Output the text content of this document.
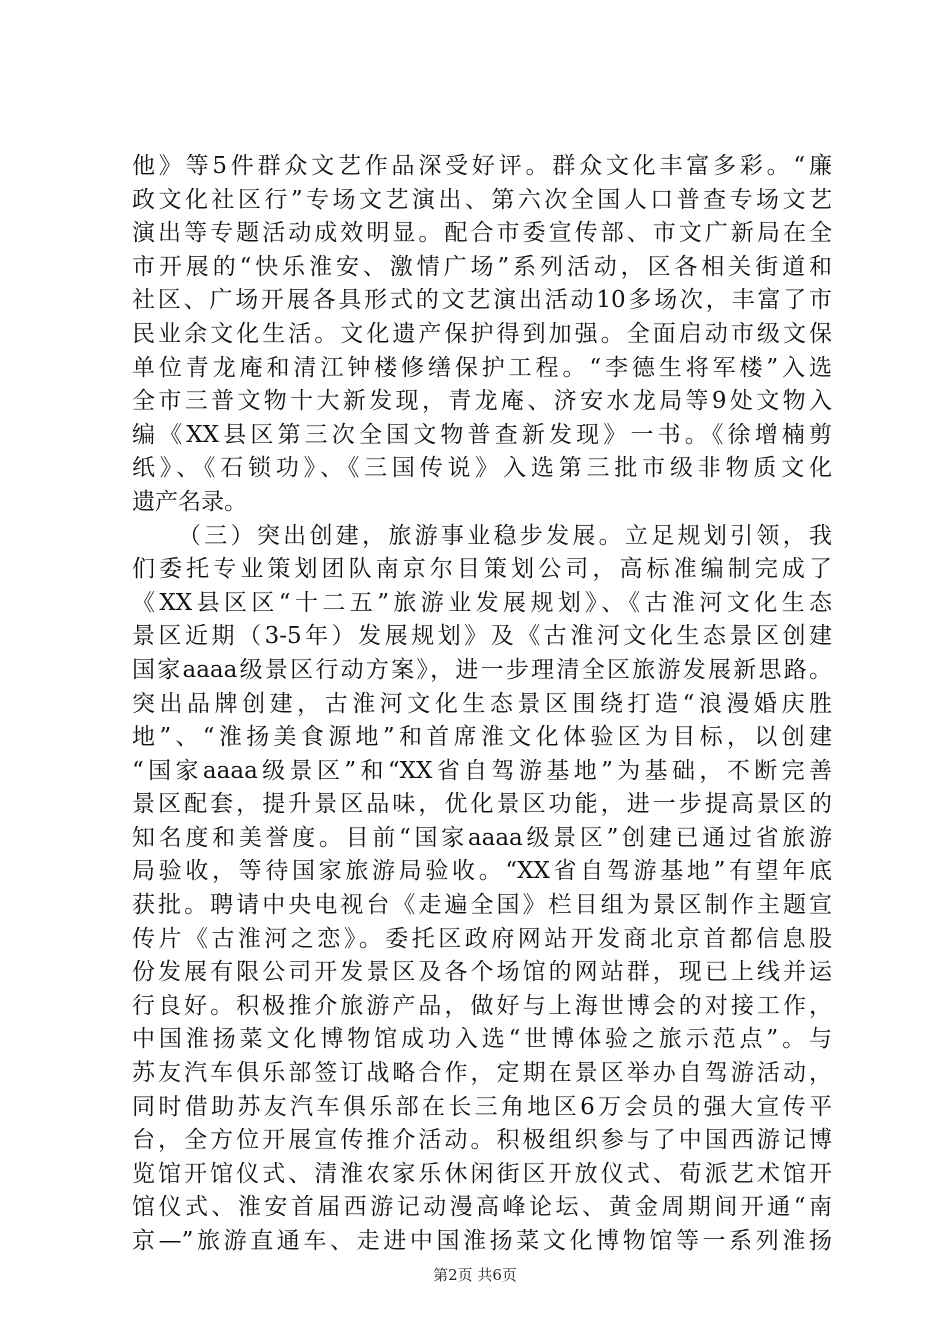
他》等5件群众文艺作品深受好评。群众文化丰富多彩。“廉
政文化社区行”专场文艺演出、第六次全国人口普查专场文艺
演出等专题活动成效明显。配合市委宣传部、市文广新局在全
市开展的“快乐淮安、激情广场”系列活动，区各相关街道和
社区、广场开展各具形式的文艺演出活动10多场次，丰富了市
民业余文化生活。文化遗产保护得到加强。全面启动市级文保
单位青龙庵和清江钟楼修缮保护工程。“李德生将军楼”入选
全市三普文物十大新发现，青龙庵、济安水龙局等9处文物入
编《XX县区第三次全国文物普查新发现》一书。《徐增楠剪
纸》、《石锁功》、《三国传说》入选第三批市级非物质文化
遗产名录。
（三）突出创建，旅游事业稳步发展。立足规划引领，我
们委托专业策划团队南京尔目策划公司，高标准编制完成了
《XX县区区“十二五”旅游业发展规划》、《古淮河文化生态
景区近期（3-5年）发展规划》及《古淮河文化生态景区创建
国家aaaa级景区行动方案》，进一步理清全区旅游发展新思路。
突出品牌创建，古淮河文化生态景区围绕打造“浪漫婚庆胜
地”、“淮扬美食源地”和首席淮文化体验区为目标，以创建
“国家aaaa级景区”和“XX省自驾游基地”为基础，不断完善
景区配套，提升景区品味，优化景区功能，进一步提高景区的
知名度和美誉度。目前“国家aaaa级景区”创建已通过省旅游
局验收，等待国家旅游局验收。“XX省自驾游基地”有望年底
获批。聘请中央电视台《走遍全国》栏目组为景区制作主题宣
传片《古淮河之恋》。委托区政府网站开发商北京首都信息股
份发展有限公司开发景区及各个场馆的网站群，现已上线并运
行良好。积极推介旅游产品，做好与上海世博会的对接工作，
中国淮扬菜文化博物馆成功入选“世博体验之旅示范点”。与
苏友汽车俱乐部签订战略合作，定期在景区举办自驾游活动，
同时借助苏友汽车俱乐部在长三角地区6万会员的强大宣传平
台，全方位开展宣传推介活动。积极组织参与了中国西游记博
览馆开馆仪式、清淮农家乐休闲街区开放仪式、荀派艺术馆开
馆仪式、淮安首届西游记动漫高峰论坛、黄金周期间开通“南
京—”旅游直通车、走进中国淮扬菜文化博物馆等一系列淮扬
第2页 共6页
